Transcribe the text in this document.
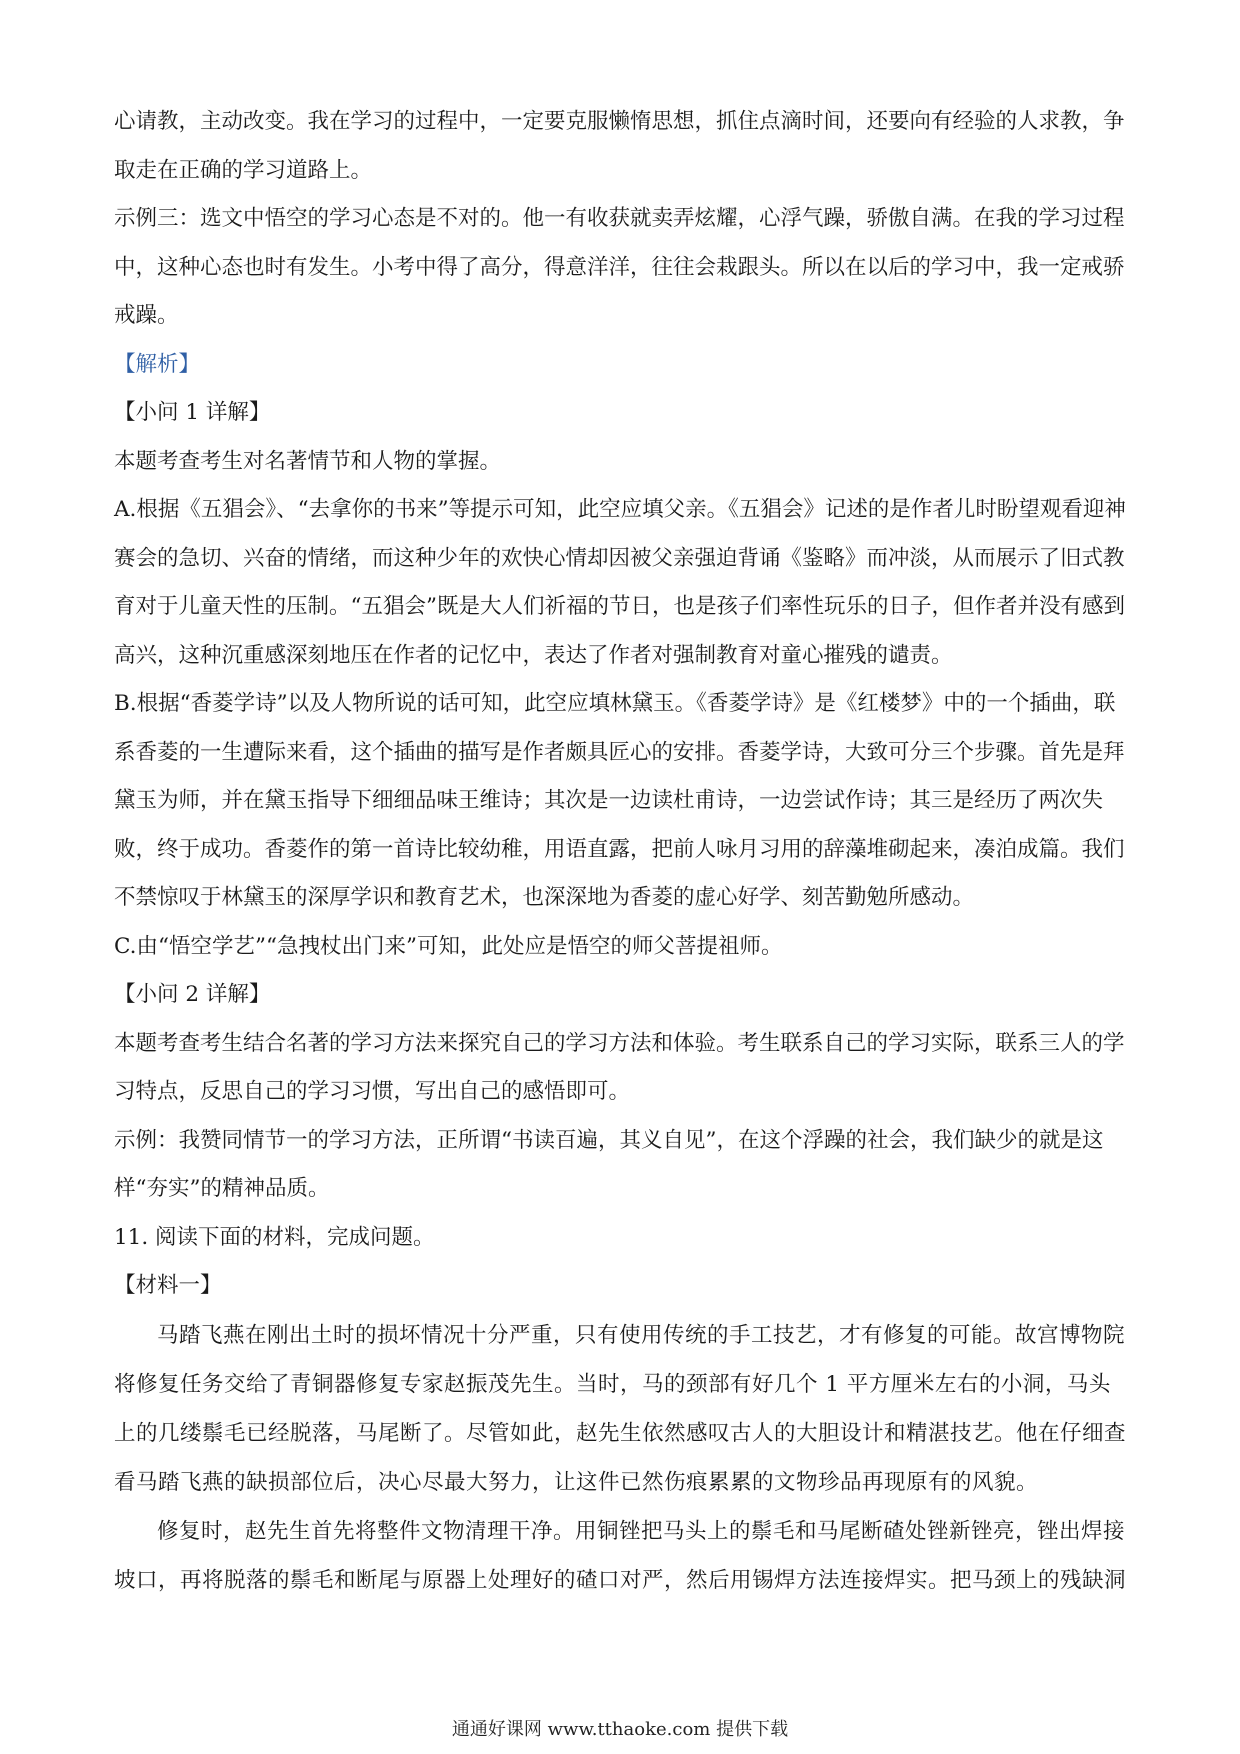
心请教，主动改变。我在学习的过程中，一定要克服懒惰思想，抓住点滴时间，还要向有经验的人求教，争取走在正确的学习道路上。

示例三：选文中悟空的学习心态是不对的。他一有收获就卖弄炫耀，心浮气躁，骄傲自满。在我的学习过程中，这种心态也时有发生。小考中得了高分，得意洋洋，往往会栽跟头。所以在以后的学习中，我一定戒骄戒躁。

【解析】

【小问 1 详解】

本题考查考生对名著情节和人物的掌握。

A.根据《五猖会》、“去拿你的书来”等提示可知，此空应填父亲。《五猖会》记述的是作者儿时盼望观看迎神赛会的急切、兴奋的情绪，而这种少年的欢快心情却因被父亲强迫背诵《鉴略》而冲淡，从而展示了旧式教育对于儿童天性的压制。“五猖会”既是大人们祈福的节日，也是孩子们率性玩乐的日子，但作者并没有感到高兴，这种沉重感深刻地压在作者的记忆中，表达了作者对强制教育对童心摧残的谴责。

B.根据“香菱学诗”以及人物所说的话可知，此空应填林黛玉。《香菱学诗》是《红楼梦》中的一个插曲，联系香菱的一生遭际来看，这个插曲的描写是作者颇具匠心的安排。香菱学诗，大致可分三个步骤。首先是拜黛玉为师，并在黛玉指导下细细品味王维诗；其次是一边读杜甫诗，一边尝试作诗；其三是经历了两次失败，终于成功。香菱作的第一首诗比较幼稚，用语直露，把前人咏月习用的辞藻堆砌起来，凑泊成篇。我们不禁惊叹于林黛玉的深厚学识和教育艺术，也深深地为香菱的虚心好学、刻苦勤勉所感动。

C.由“悟空学艺”“急拽杖出门来”可知，此处应是悟空的师父菩提祖师。

【小问 2 详解】

本题考查考生结合名著的学习方法来探究自己的学习方法和体验。考生联系自己的学习实际，联系三人的学习特点，反思自己的学习习惯，写出自己的感悟即可。

示例：我赞同情节一的学习方法，正所谓“书读百遍，其义自见”，在这个浮躁的社会，我们缺少的就是这样“夯实”的精神品质。

11. 阅读下面的材料，完成问题。

【材料一】

马踏飞燕在刚出土时的损坏情况十分严重，只有使用传统的手工技艺，才有修复的可能。故宫博物院将修复任务交给了青铜器修复专家赵振茂先生。当时，马的颈部有好几个 1 平方厘米左右的小洞，马头上的几缕鬃毛已经脱落，马尾断了。尽管如此，赵先生依然感叹古人的大胆设计和精湛技艺。他在仔细查看马踏飞燕的缺损部位后，决心尽最大努力，让这件已然伤痕累累的文物珍品再现原有的风貌。

修复时，赵先生首先将整件文物清理干净。用铜锉把马头上的鬃毛和马尾断碴处锉新锉亮，锉出焊接坡口，再将脱落的鬃毛和断尾与原器上处理好的碴口对严，然后用锡焊方法连接焊实。把马颈上的残缺洞

通通好课网 www.tthaoke.com 提供下载
